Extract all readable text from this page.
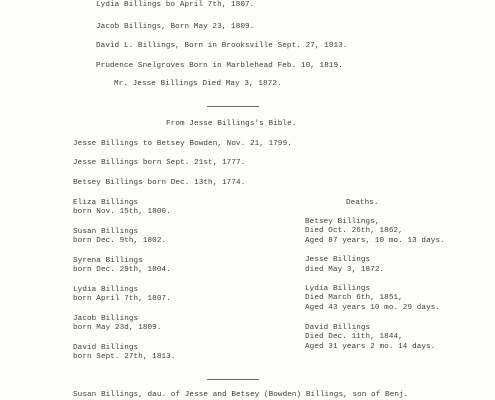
Lydia Billings bo April 7th, 1807.

Jacob Billings, Born May 23, 1809.

David L. Billings, Born in Brooksville Sept. 27, 1813.

Prudence Snelgroves Born in Marblehead Feb. 10, 1819.

Mr. Jesse Billings Died May 3, 1872.

From Jesse Billings's Bible.

Jesse Billings to Betsey Bowden, Nov. 21, 1799.

Jesse Billings born Sept. 21st, 1777.

Betsey Billings born Dec. 13th, 1774.

Eliza Billings

born Nov. 15th, 1800.

Susan Billings

born Dec. 9th, 1802.

Syrena Billings

born Dec. 29th, 1804.

Lydia Billings

born April 7th, 1807.

Jacob Billings

born May 23d, 1809.

David Billings

born Sept. 27th, 1813.

Deaths.

Betsey Billings,

Died Oct. 26th, 1862,

Aged 87 years, 10 mo. 13 days.

Jesse Billings

died May 3, 1872.

Lydia Billings

Died March 6th, 1851,

Aged 43 years 10 mo. 29 days.

David Billings

Died Dec. 11th, 1844,

Aged 31 years 2 mo. 14 days.

Susan Billings, dau. of Jesse and Betsey (Bowden) Billings, son of Benj.
